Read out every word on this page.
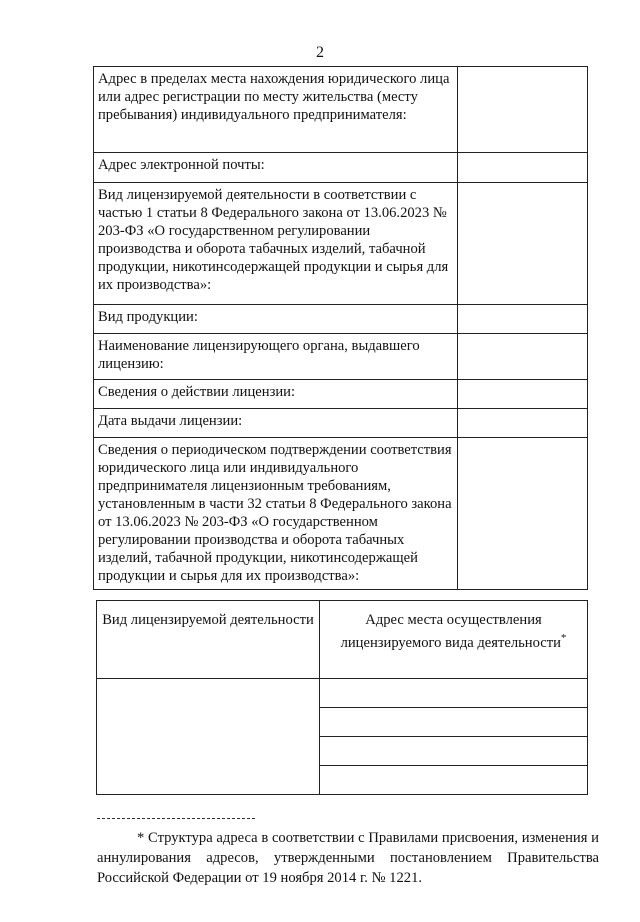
2
Адрес в пределах места нахождения юридического лица или адрес регистрации по месту жительства (месту пребывания) индивидуального предпринимателя:	
Адрес электронной почты:	
Вид лицензируемой деятельности в соответствии с частью 1 статьи 8 Федерального закона от 13.06.2023 № 203-ФЗ «О государственном регулировании производства и оборота табачных изделий, табачной продукции, никотинсодержащей продукции и сырья для их производства»:	
Вид продукции:	
Наименование лицензирующего органа, выдавшего лицензию:	
Сведения о действии лицензии:	
Дата выдачи лицензии:	
Сведения о периодическом подтверждении соответствия юридического лица или индивидуального предпринимателя лицензионным требованиям, установленным в части 32 статьи 8 Федерального закона от 13.06.2023 № 203-ФЗ «О государственном регулировании производства и оборота табачных изделий, табачной продукции, никотинсодержащей продукции и сырья для их производства»:	
Вид лицензируемой деятельности	Адрес места осуществления лицензируемого вида деятельности*

* Структура адреса в соответствии с Правилами присвоения, изменения и аннулирования адресов, утвержденными постановлением Правительства Российской Федерации от 19 ноября 2014 г. № 1221.
